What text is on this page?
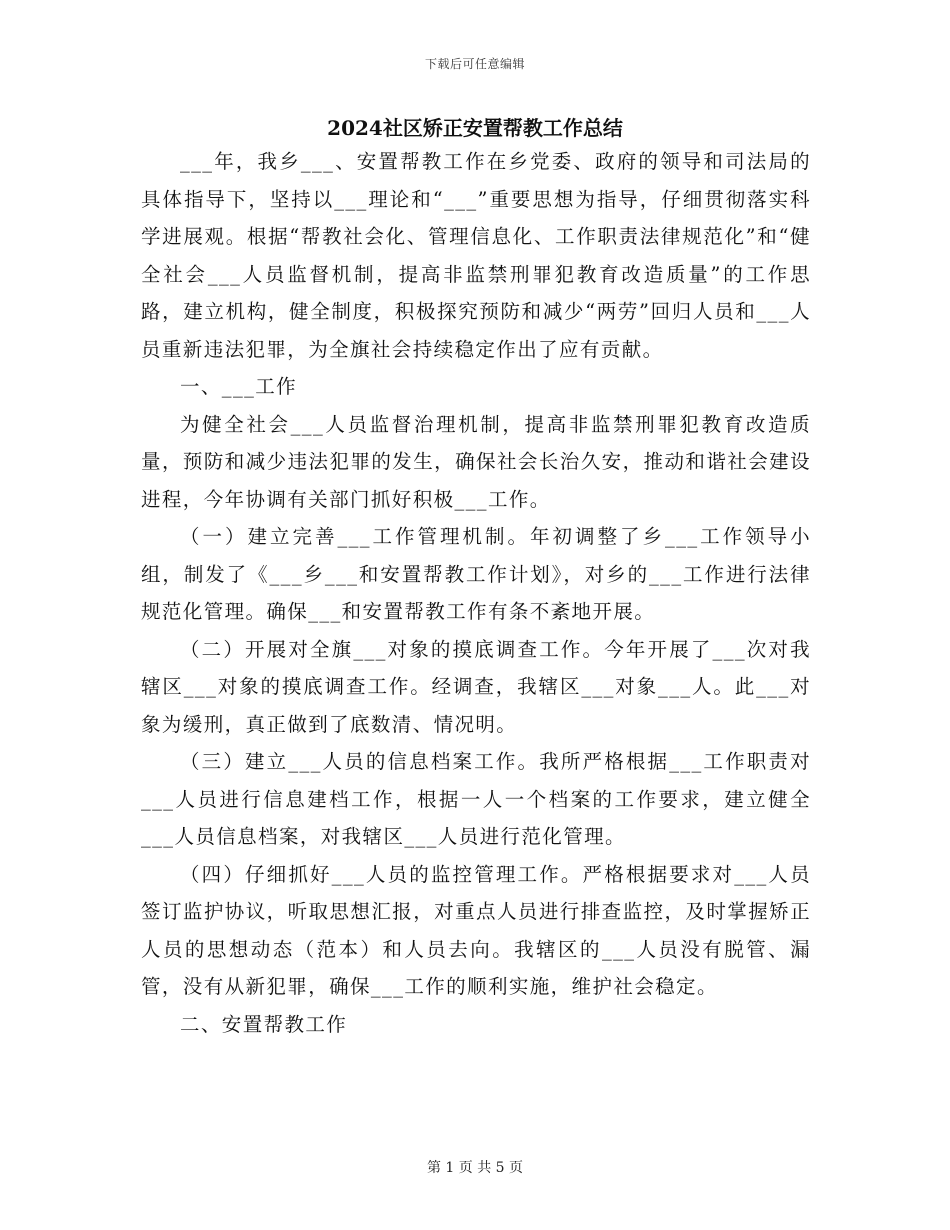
下载后可任意编辑
2024社区矫正安置帮教工作总结

___年，我乡___、安置帮教工作在乡党委、政府的领导和司法局的具体指导下，坚持以___理论和“___”重要思想为指导，仔细贯彻落实科学进展观。根据“帮教社会化、管理信息化、工作职责法律规范化”和“健全社会___人员监督机制，提高非监禁刑罪犯教育改造质量”的工作思路，建立机构，健全制度，积极探究预防和减少“两劳”回归人员和___人员重新违法犯罪，为全旗社会持续稳定作出了应有贡献。

一、___工作

为健全社会___人员监督治理机制，提高非监禁刑罪犯教育改造质量，预防和减少违法犯罪的发生，确保社会长治久安，推动和谐社会建设进程，今年协调有关部门抓好积极___工作。

（一）建立完善___工作管理机制。年初调整了乡___工作领导小组，制发了《___乡___和安置帮教工作计划》，对乡的___工作进行法律规范化管理。确保___和安置帮教工作有条不紊地开展。

（二）开展对全旗___对象的摸底调查工作。今年开展了___次对我辖区___对象的摸底调查工作。经调查，我辖区___对象___人。此___对象为缓刑，真正做到了底数清、情况明。

（三）建立___人员的信息档案工作。我所严格根据___工作职责对___人员进行信息建档工作，根据一人一个档案的工作要求，建立健全___人员信息档案，对我辖区___人员进行范化管理。

（四）仔细抓好___人员的监控管理工作。严格根据要求对___人员签订监护协议，听取思想汇报，对重点人员进行排查监控，及时掌握矫正人员的思想动态（范本）和人员去向。我辖区的___人员没有脱管、漏管，没有从新犯罪，确保___工作的顺利实施，维护社会稳定。

二、安置帮教工作

第 1 页 共 5 页
